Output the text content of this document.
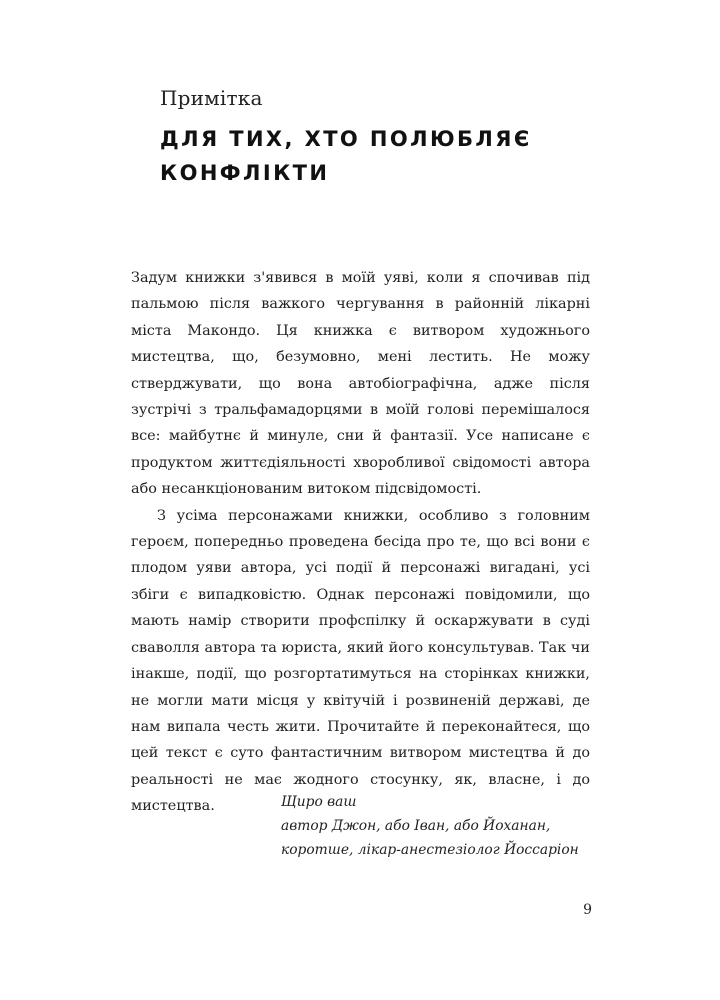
Примітка
ДЛЯ ТИХ, ХТО ПОЛЮБЛЯЄ
КОНФЛІКТИ

Задум книжки з'явився в моїй уяві, коли я спочивав під пальмою після важкого чергування в районній лікарні міста Макондо. Ця книжка є витвором художнього мистецтва, що, безумовно, мені лестить. Не можу стверджувати, що вона автобіографічна, адже після зустрічі з тральфамадорцями в моїй голові перемішалося все: майбутнє й минуле, сни й фантазії. Усе написане є продуктом життєдіяльності хворобливої свідомості автора або несанкціонованим витоком підсвідомості.

З усіма персонажами книжки, особливо з головним героєм, попередньо проведена бесіда про те, що всі вони є плодом уяви автора, усі події й персонажі вигадані, усі збіги є випадковістю. Однак персонажі повідомили, що мають намір створити профспілку й оскаржувати в суді сваволля автора та юриста, який його консультував. Так чи інакше, події, що розгортатимуться на сторінках книжки, не могли мати місця у квітучій і розвиненій державі, де нам випала честь жити. Прочитайте й переконайтеся, що цей текст є суто фантастичним витвором мистецтва й до реальності не має жодного стосунку, як, власне, і до мистецтва.	Щиро ваш
автор Джон, або Іван, або Йоханан,
коротше, лікар-анестезіолог Йоссаріон
9
